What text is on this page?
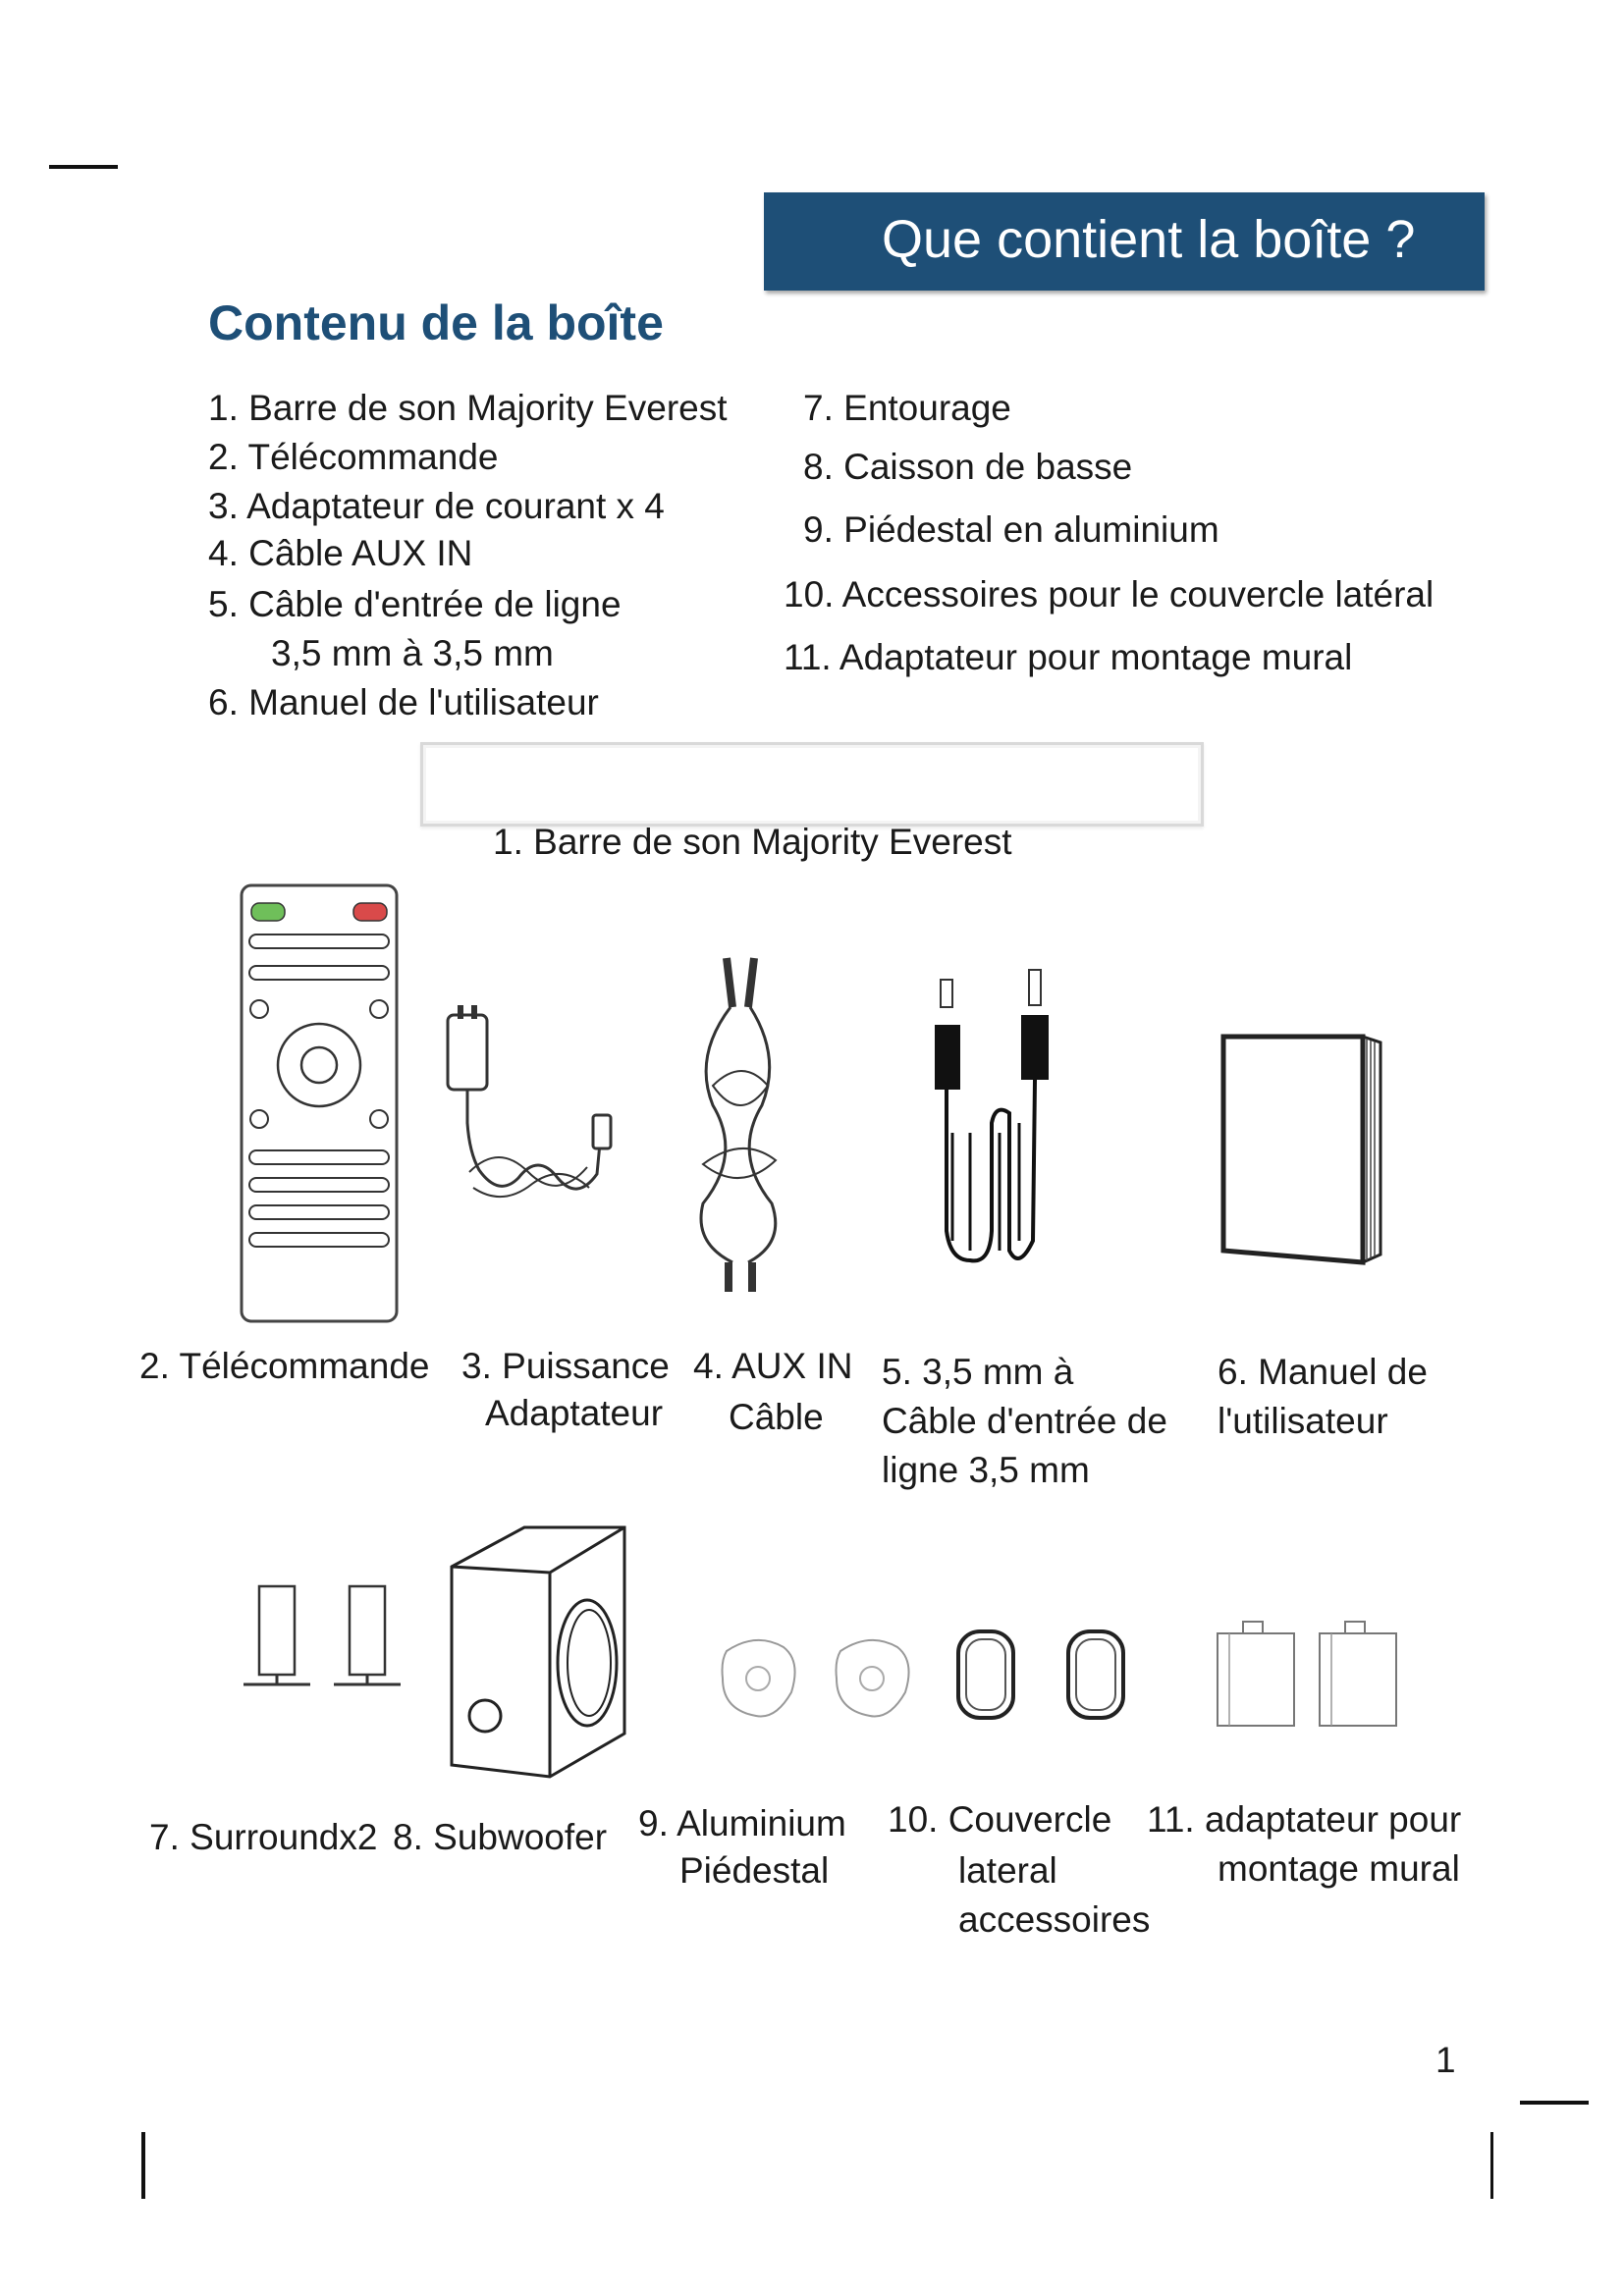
Que contient la boîte ?
Contenu de la boîte
1. Barre de son Majority Everest
2. Télécommande
3. Adaptateur de courant x 4
4. Câble AUX IN
5. Câble d'entrée de ligne
3,5 mm à 3,5 mm
6. Manuel de l'utilisateur
7. Entourage
8. Caisson de basse
9. Piédestal en aluminium
10. Accessoires pour le couvercle latéral
11. Adaptateur pour montage mural
1. Barre de son Majority Everest
2. Télécommande 3. Puissance
Adaptateur
4. AUX IN
Câble
5. 3,5 mm à
Câble d'entrée de
ligne 3,5 mm
6. Manuel de
l'utilisateur
7. Surroundx2 8. Subwoofer 9. Aluminium
Piédestal
10. Couvercle
lateral
accessoires
11. adaptateur pour
montage mural
1
